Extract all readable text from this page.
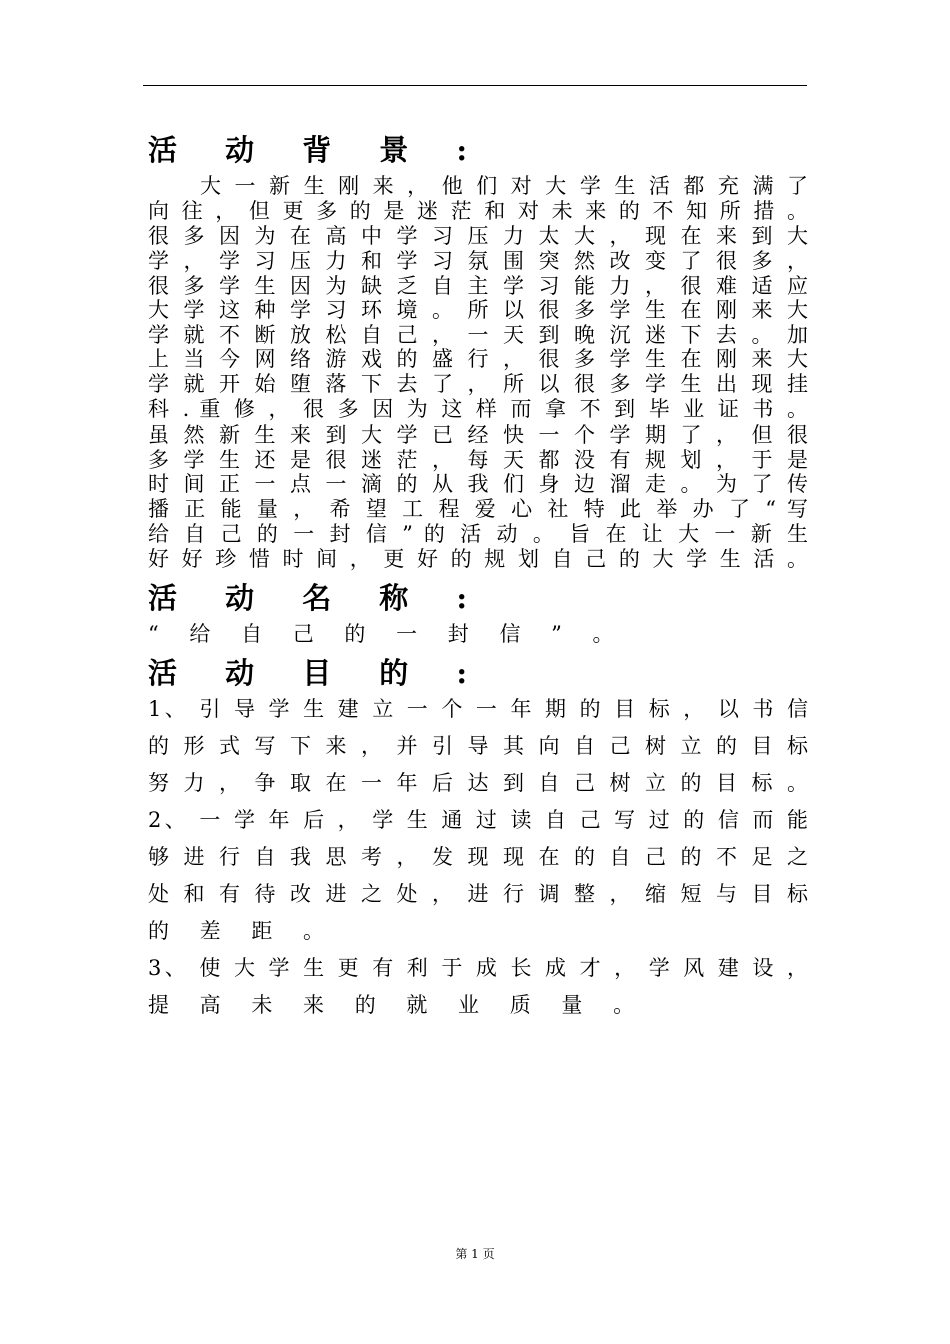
活 动 背 景 :
大 一 新 生 刚 来 ， 他 们 对 大 学 生 活 都 充 满 了
向 往 ， 但 更 多 的 是 迷 茫 和 对 未 来 的 不 知 所 措 。
很 多 因 为 在 高 中 学 习 压 力 太 大 ， 现 在 来 到 大
学 ， 学 习 压 力 和 学 习 氛 围 突 然 改 变 了 很 多 ，
很 多 学 生 因 为 缺 乏 自 主 学 习 能 力 ， 很 难 适 应
大 学 这 种 学 习 环 境 。 所 以 很 多 学 生 在 刚 来 大
学 就 不 断 放 松 自 己 ， 一 天 到 晚 沉 迷 下 去 。 加
上 当 今 网 络 游 戏 的 盛 行 ， 很 多 学 生 在 刚 来 大
学 就 开 始 堕 落 下 去 了 ， 所 以 很 多 学 生 出 现 挂
科 . 重 修 ， 很 多 因 为 这 样 而 拿 不 到 毕 业 证 书 。
虽 然 新 生 来 到 大 学 已 经 快 一 个 学 期 了 ， 但 很
多 学 生 还 是 很 迷 茫 ， 每 天 都 没 有 规 划 ， 于 是
时 间 正 一 点 一 滴 的 从 我 们 身 边 溜 走 。 为 了 传
播 正 能 量 ， 希 望 工 程 爱 心 社 特 此 举 办 了 “ 写
给 自 己 的 一 封 信 ” 的 活 动 。 旨 在 让 大 一 新 生
好 好 珍 惜 时 间 ， 更 好 的 规 划 自 己 的 大 学 生 活 。
活 动 名 称 :
“ 给 自 己 的 一 封 信 ” 。
活 动 目 的 :
1、 引 导 学 生 建 立 一 个 一 年 期 的 目 标 ， 以 书 信
的 形 式 写 下 来 ， 并 引 导 其 向 自 己 树 立 的 目 标
努 力 ， 争 取 在 一 年 后 达 到 自 己 树 立 的 目 标 。
2、 一 学 年 后 ， 学 生 通 过 读 自 己 写 过 的 信 而 能
够 进 行 自 我 思 考 ， 发 现 现 在 的 自 己 的 不 足 之
处 和 有 待 改 进 之 处 ， 进 行 调 整 ， 缩 短 与 目 标
的 差 距 。
3、 使 大 学 生 更 有 利 于 成 长 成 才 ， 学 风 建 设 ，
提 高 未 来 的 就 业 质 量 。
第 1 页
